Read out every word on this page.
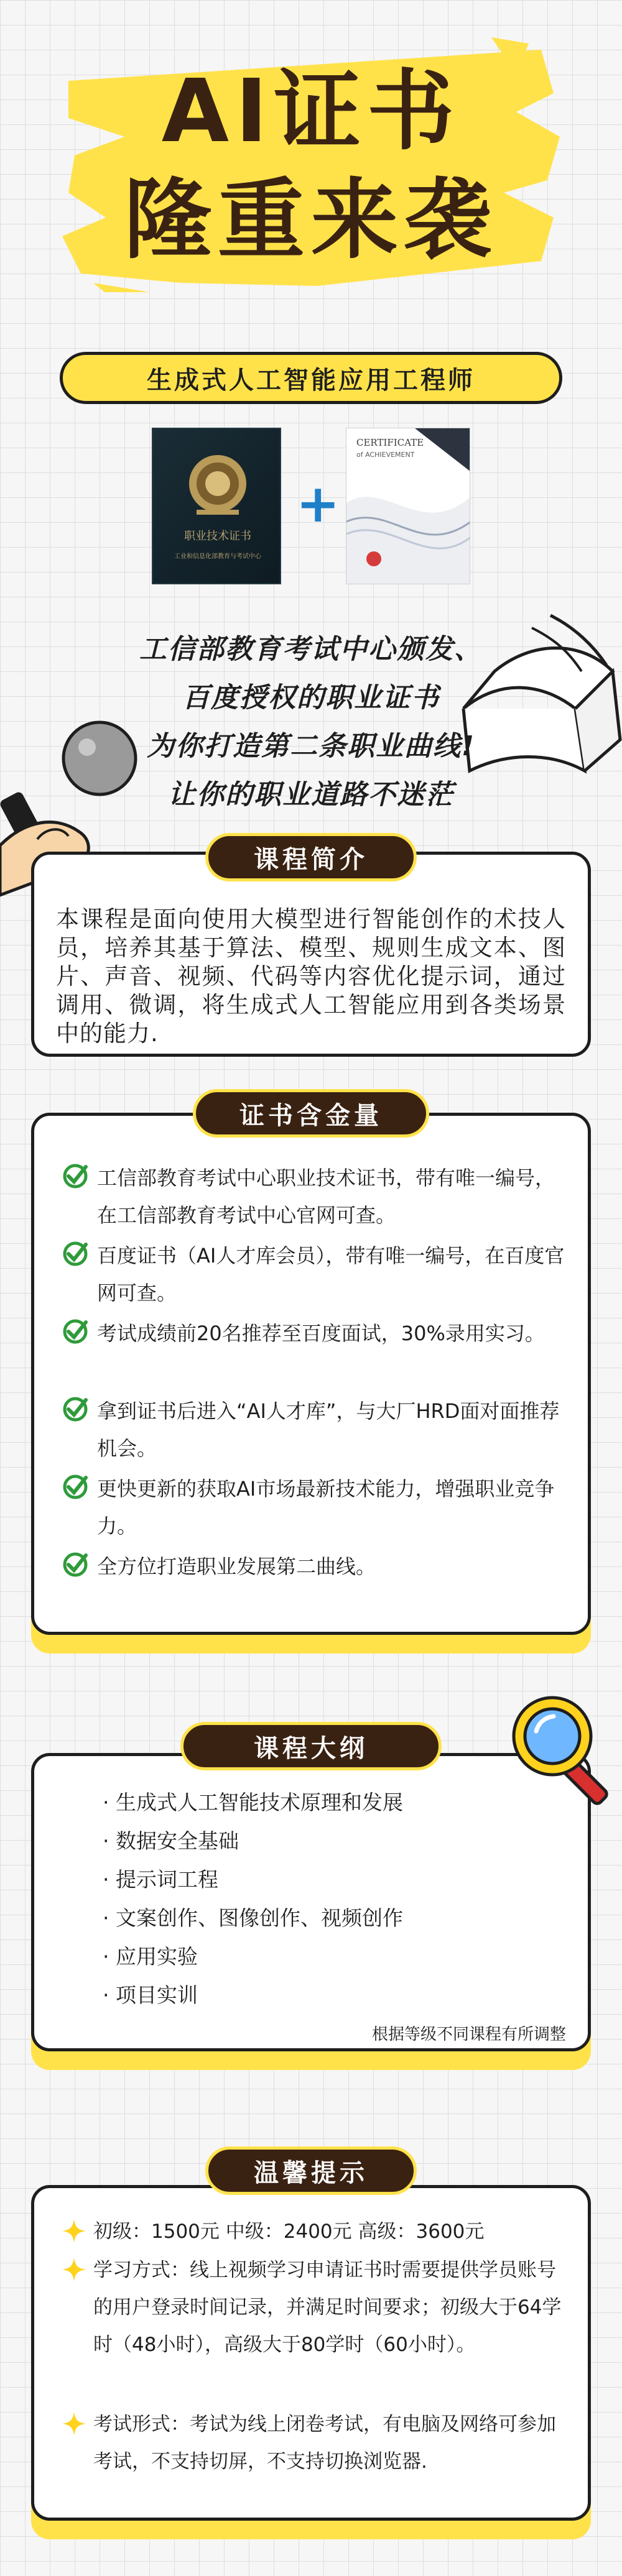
AI证书
隆重来袭
生成式人工智能应用工程师
职业技术证书
工业和信息化部教育与考试中心
+
CERTIFICATE
of ACHIEVEMENT
工信部教育考试中心颁发、
百度授权的职业证书
为你打造第二条职业曲线!
让你的职业道路不迷茫
课程简介
本课程是面向使用大模型进行智能创作的术技人员，培养其基于算法、模型、规则生成文本、图片、声音、视频、代码等内容优化提示词，通过调用、微调，将生成式人工智能应用到各类场景中的能力.
证书含金量
工信部教育考试中心职业技术证书，带有唯一编号，在工信部教育考试中心官网可查。
百度证书（AI人才库会员），带有唯一编号，在百度官网可查。
考试成绩前20名推荐至百度面试，30%录用实习。
拿到证书后进入“AI人才库”，与大厂HRD面对面推荐机会。
更快更新的获取AI市场最新技术能力，增强职业竞争力。
全方位打造职业发展第二曲线。
课程大纲
· 生成式人工智能技术原理和发展
· 数据安全基础
· 提示词工程
· 文案创作、图像创作、视频创作
· 应用实验
· 项目实训
根据等级不同课程有所调整
温馨提示
初级：1500元 中级：2400元 高级：3600元
学习方式：线上视频学习申请证书时需要提供学员账号的用户登录时间记录，并满足时间要求；初级大于64学时（48小时），高级大于80学时（60小时）。
考试形式：考试为线上闭卷考试，有电脑及网络可参加考试，不支持切屏，不支持切换浏览器.
